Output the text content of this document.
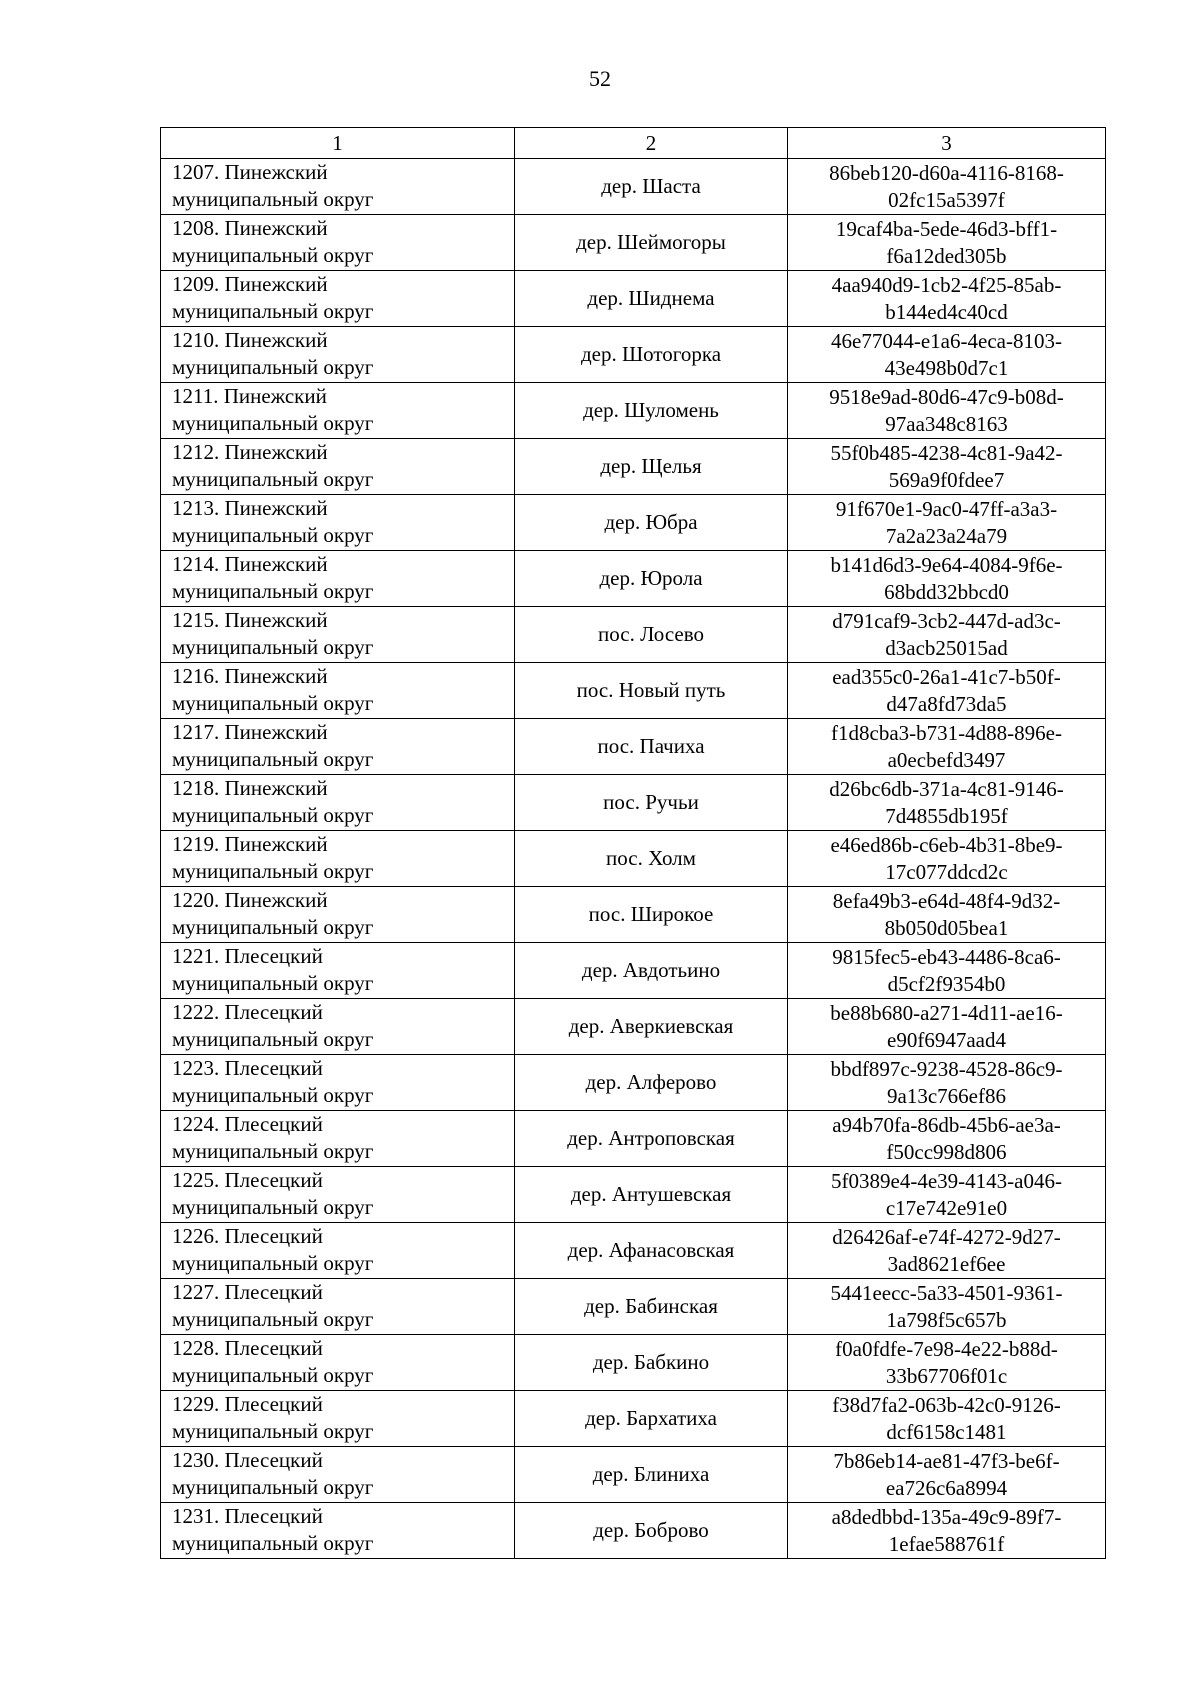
52
1	2	3

1207. Пинежский
муниципальный округ	дер. Шаста	86beb120-d60a-4116-8168-
02fc15a5397f

1208. Пинежский
муниципальный округ	дер. Шеймогоры	19caf4ba-5ede-46d3-bff1-
f6a12ded305b

1209. Пинежский
муниципальный округ	дер. Шиднема	4aa940d9-1cb2-4f25-85ab-
b144ed4c40cd

1210. Пинежский
муниципальный округ	дер. Шотогорка	46e77044-e1a6-4eca-8103-
43e498b0d7c1

1211. Пинежский
муниципальный округ	дер. Шуломень	9518e9ad-80d6-47c9-b08d-
97aa348c8163

1212. Пинежский
муниципальный округ	дер. Щелья	55f0b485-4238-4c81-9a42-
569a9f0fdee7

1213. Пинежский
муниципальный округ	дер. Юбра	91f670e1-9ac0-47ff-a3a3-
7a2a23a24a79

1214. Пинежский
муниципальный округ	дер. Юрола	b141d6d3-9e64-4084-9f6e-
68bdd32bbcd0

1215. Пинежский
муниципальный округ	пос. Лосево	d791caf9-3cb2-447d-ad3c-
d3acb25015ad

1216. Пинежский
муниципальный округ	пос. Новый путь	ead355c0-26a1-41c7-b50f-
d47a8fd73da5

1217. Пинежский
муниципальный округ	пос. Пачиха	f1d8cba3-b731-4d88-896e-
a0ecbefd3497

1218. Пинежский
муниципальный округ	пос. Ручьи	d26bc6db-371a-4c81-9146-
7d4855db195f

1219. Пинежский
муниципальный округ	пос. Холм	e46ed86b-c6eb-4b31-8be9-
17c077ddcd2c

1220. Пинежский
муниципальный округ	пос. Широкое	8efa49b3-e64d-48f4-9d32-
8b050d05bea1

1221. Плесецкий
муниципальный округ	дер. Авдотьино	9815fec5-eb43-4486-8ca6-
d5cf2f9354b0

1222. Плесецкий
муниципальный округ	дер. Аверкиевская	be88b680-a271-4d11-ae16-
e90f6947aad4

1223. Плесецкий
муниципальный округ	дер. Алферово	bbdf897c-9238-4528-86c9-
9a13c766ef86

1224. Плесецкий
муниципальный округ	дер. Антроповская	a94b70fa-86db-45b6-ae3a-
f50cc998d806

1225. Плесецкий
муниципальный округ	дер. Антушевская	5f0389e4-4e39-4143-a046-
c17e742e91e0

1226. Плесецкий
муниципальный округ	дер. Афанасовская	d26426af-e74f-4272-9d27-
3ad8621ef6ee

1227. Плесецкий
муниципальный округ	дер. Бабинская	5441eecc-5a33-4501-9361-
1a798f5c657b

1228. Плесецкий
муниципальный округ	дер. Бабкино	f0a0fdfe-7e98-4e22-b88d-
33b67706f01c

1229. Плесецкий
муниципальный округ	дер. Бархатиха	f38d7fa2-063b-42c0-9126-
dcf6158c1481

1230. Плесецкий
муниципальный округ	дер. Блиниха	7b86eb14-ae81-47f3-be6f-
ea726c6a8994

1231. Плесецкий
муниципальный округ	дер. Боброво	a8dedbbd-135a-49c9-89f7-
1efae588761f
